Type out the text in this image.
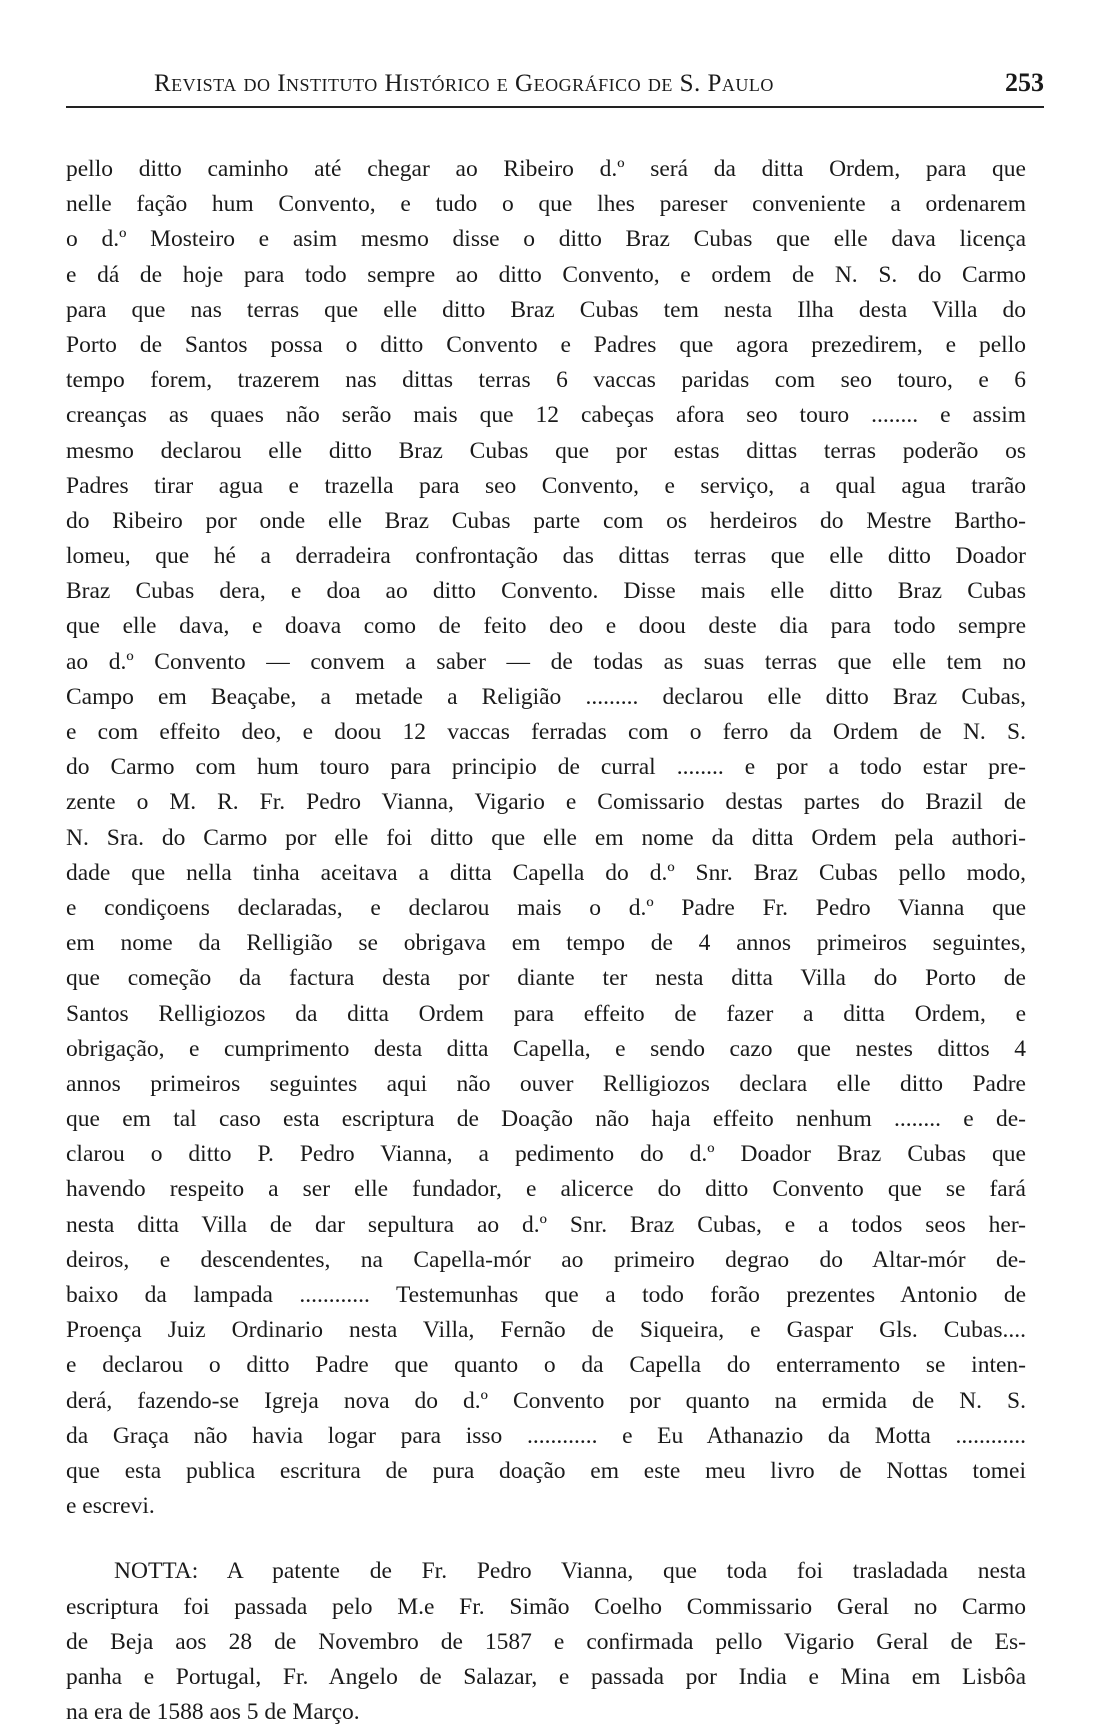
Revista do Instituto Histórico e Geográfico de S. Paulo	253
pello ditto caminho até chegar ao Ribeiro d.º será da ditta Ordem, para que
nelle fação hum Convento, e tudo o que lhes pareser conveniente a ordenarem
o d.º Mosteiro e asim mesmo disse o ditto Braz Cubas que elle dava licença
e dá de hoje para todo sempre ao ditto Convento, e ordem de N. S. do Carmo
para que nas terras que elle ditto Braz Cubas tem nesta Ilha desta Villa do
Porto de Santos possa o ditto Convento e Padres que agora prezedirem, e pello
tempo forem, trazerem nas dittas terras 6 vaccas paridas com seo touro, e 6
creanças as quaes não serão mais que 12 cabeças afora seo touro ........ e assim
mesmo declarou elle ditto Braz Cubas que por estas dittas terras poderão os
Padres tirar agua e trazella para seo Convento, e serviço, a qual agua trarão
do Ribeiro por onde elle Braz Cubas parte com os herdeiros do Mestre Bartho-
lomeu, que hé a derradeira confrontação das dittas terras que elle ditto Doador
Braz Cubas dera, e doa ao ditto Convento. Disse mais elle ditto Braz Cubas
que elle dava, e doava como de feito deo e doou deste dia para todo sempre
ao d.º Convento — convem a saber — de todas as suas terras que elle tem no
Campo em Beaçabe, a metade a Religião ......... declarou elle ditto Braz Cubas,
e com effeito deo, e doou 12 vaccas ferradas com o ferro da Ordem de N. S.
do Carmo com hum touro para principio de curral ........ e por a todo estar pre-
zente o M. R. Fr. Pedro Vianna, Vigario e Comissario destas partes do Brazil de
N. Sra. do Carmo por elle foi ditto que elle em nome da ditta Ordem pela authori-
dade que nella tinha aceitava a ditta Capella do d.º Snr. Braz Cubas pello modo,
e condiçoens declaradas, e declarou mais o d.º Padre Fr. Pedro Vianna que
em nome da Relligião se obrigava em tempo de 4 annos primeiros seguintes,
que começão da factura desta por diante ter nesta ditta Villa do Porto de
Santos Relligiozos da ditta Ordem para effeito de fazer a ditta Ordem, e
obrigação, e cumprimento desta ditta Capella, e sendo cazo que nestes dittos 4
annos primeiros seguintes aqui não ouver Relligiozos declara elle ditto Padre
que em tal caso esta escriptura de Doação não haja effeito nenhum ........ e de-
clarou o ditto P. Pedro Vianna, a pedimento do d.º Doador Braz Cubas que
havendo respeito a ser elle fundador, e alicerce do ditto Convento que se fará
nesta ditta Villa de dar sepultura ao d.º Snr. Braz Cubas, e a todos seos her-
deiros, e descendentes, na Capella-mór ao primeiro degrao do Altar-mór de-
baixo da lampada ............ Testemunhas que a todo forão prezentes Antonio de
Proença Juiz Ordinario nesta Villa, Fernão de Siqueira, e Gaspar Gls. Cubas....
e declarou o ditto Padre que quanto o da Capella do enterramento se inten-
derá, fazendo-se Igreja nova do d.º Convento por quanto na ermida de N. S.
da Graça não havia logar para isso ............ e Eu Athanazio da Motta ............
que esta publica escritura de pura doação em este meu livro de Nottas tomei
e escrevi.
NOTTA: A patente de Fr. Pedro Vianna, que toda foi trasladada nesta
escriptura foi passada pelo M.e Fr. Simão Coelho Commissario Geral no Carmo
de Beja aos 28 de Novembro de 1587 e confirmada pello Vigario Geral de Es-
panha e Portugal, Fr. Angelo de Salazar, e passada por India e Mina em Lisbôa
na era de 1588 aos 5 de Março.
